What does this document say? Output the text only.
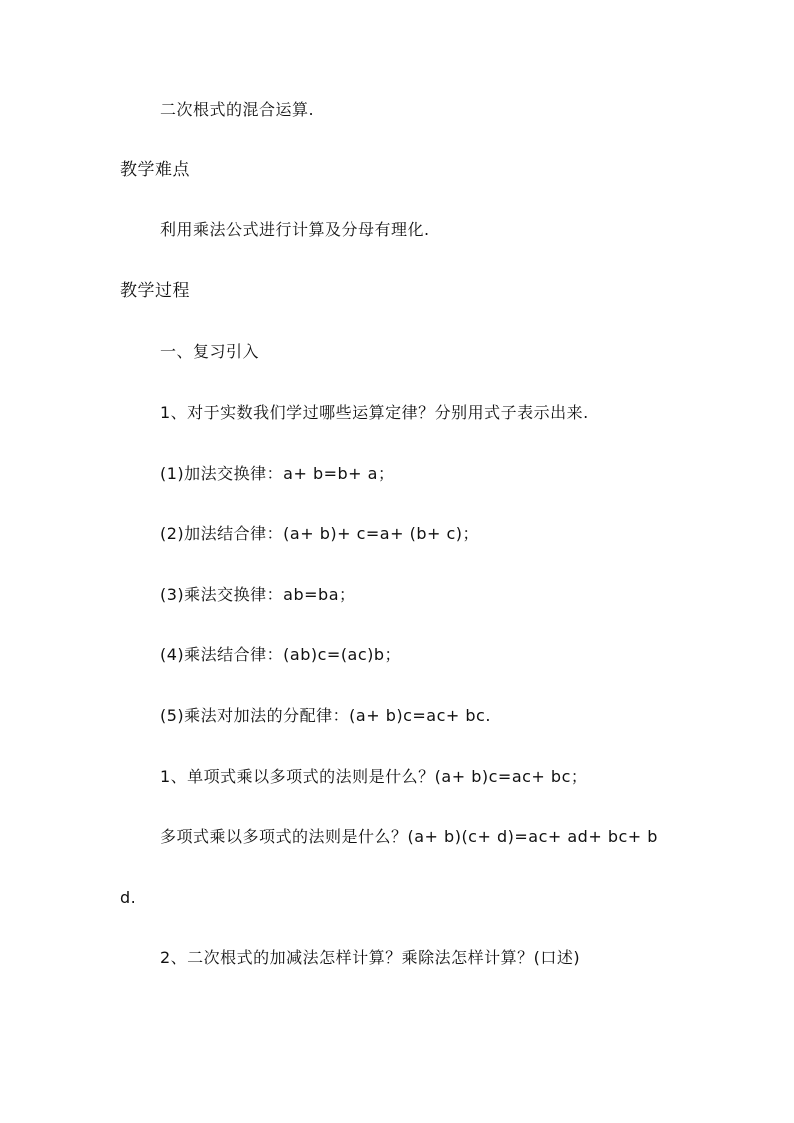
二次根式的混合运算.
教学难点
利用乘法公式进行计算及分母有理化.
教学过程
一、复习引入
1、对于实数我们学过哪些运算定律？分别用式子表示出来.
(1)加法交换律：a+ b=b+ a；
(2)加法结合律：(a+ b)+ c=a+ (b+ c)；
(3)乘法交换律：ab=ba；
(4)乘法结合律：(ab)c=(ac)b；
(5)乘法对加法的分配律：(a+ b)c=ac+ bc.
1、单项式乘以多项式的法则是什么？(a+ b)c=ac+ bc；
多项式乘以多项式的法则是什么？(a+ b)(c+ d)=ac+ ad+ bc+ b
d.
2、二次根式的加减法怎样计算？乘除法怎样计算？(口述)
